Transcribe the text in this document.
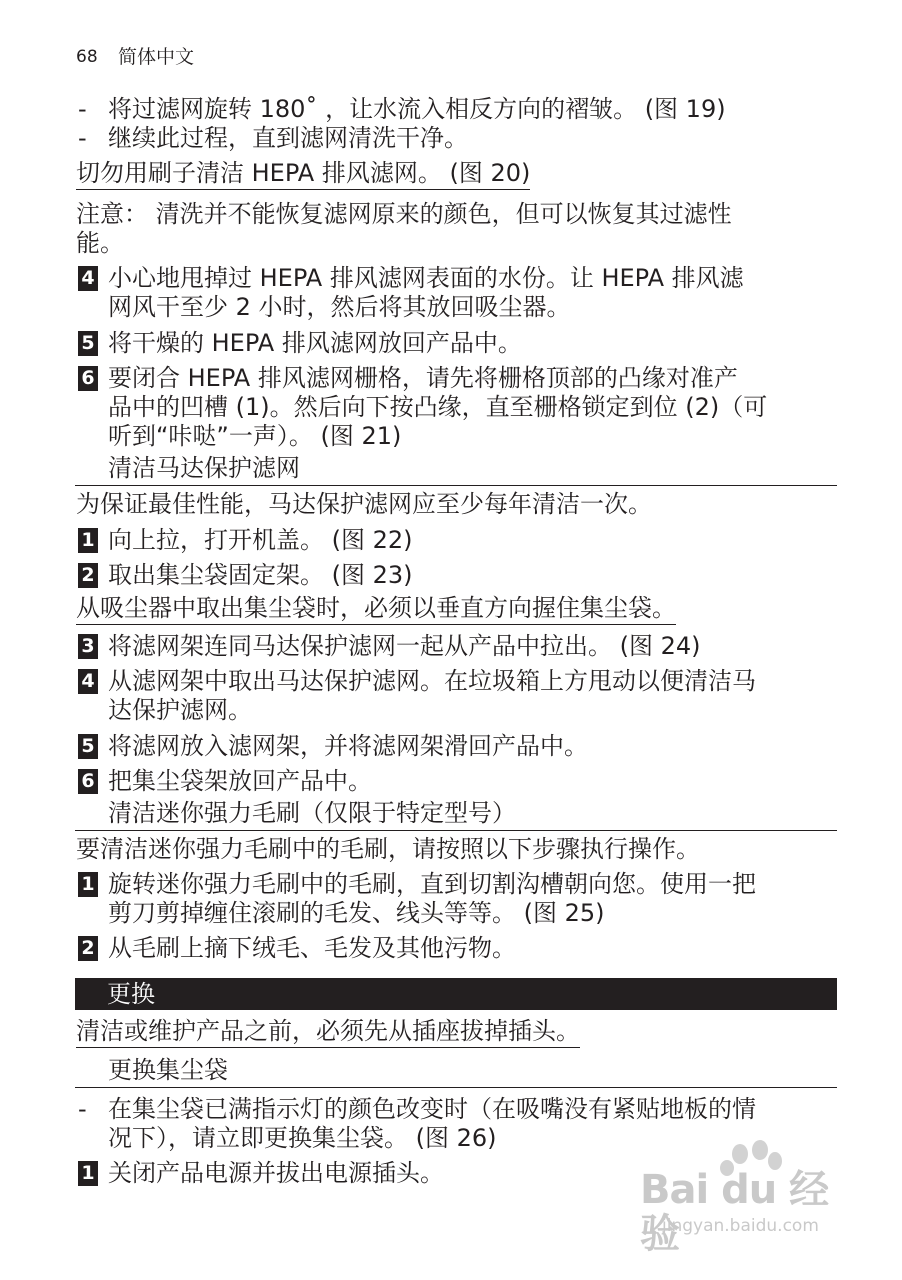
68 简体中文
- 将过滤网旋转 180˚ ，让水流入相反方向的褶皱。 (图 19)
- 继续此过程，直到滤网清洗干净。
切勿用刷子清洁 HEPA 排风滤网。 (图 20)
注意： 清洗并不能恢复滤网原来的颜色，但可以恢复其过滤性
能。
4 小心地甩掉过 HEPA 排风滤网表面的水份。让 HEPA 排风滤
网风干至少 2 小时，然后将其放回吸尘器。
5 将干燥的 HEPA 排风滤网放回产品中。
6 要闭合 HEPA 排风滤网栅格，请先将栅格顶部的凸缘对准产
品中的凹槽 (1)。然后向下按凸缘，直至栅格锁定到位 (2)（可
听到“咔哒”一声）。 (图 21)
清洁马达保护滤网
为保证最佳性能，马达保护滤网应至少每年清洁一次。
1 向上拉，打开机盖。 (图 22)
2 取出集尘袋固定架。 (图 23)
从吸尘器中取出集尘袋时，必须以垂直方向握住集尘袋。
3 将滤网架连同马达保护滤网一起从产品中拉出。 (图 24)
4 从滤网架中取出马达保护滤网。在垃圾箱上方甩动以便清洁马
达保护滤网。
5 将滤网放入滤网架，并将滤网架滑回产品中。
6 把集尘袋架放回产品中。
清洁迷你强力毛刷（仅限于特定型号）
要清洁迷你强力毛刷中的毛刷，请按照以下步骤执行操作。
1 旋转迷你强力毛刷中的毛刷，直到切割沟槽朝向您。使用一把
剪刀剪掉缠住滚刷的毛发、线头等等。 (图 25)
2 从毛刷上摘下绒毛、毛发及其他污物。
更换
清洁或维护产品之前，必须先从插座拔掉插头。
更换集尘袋
- 在集尘袋已满指示灯的颜色改变时（在吸嘴没有紧贴地板的情
况下），请立即更换集尘袋。 (图 26)
1 关闭产品电源并拔出电源插头。	Bai du 经验
jingyan.baidu.com
